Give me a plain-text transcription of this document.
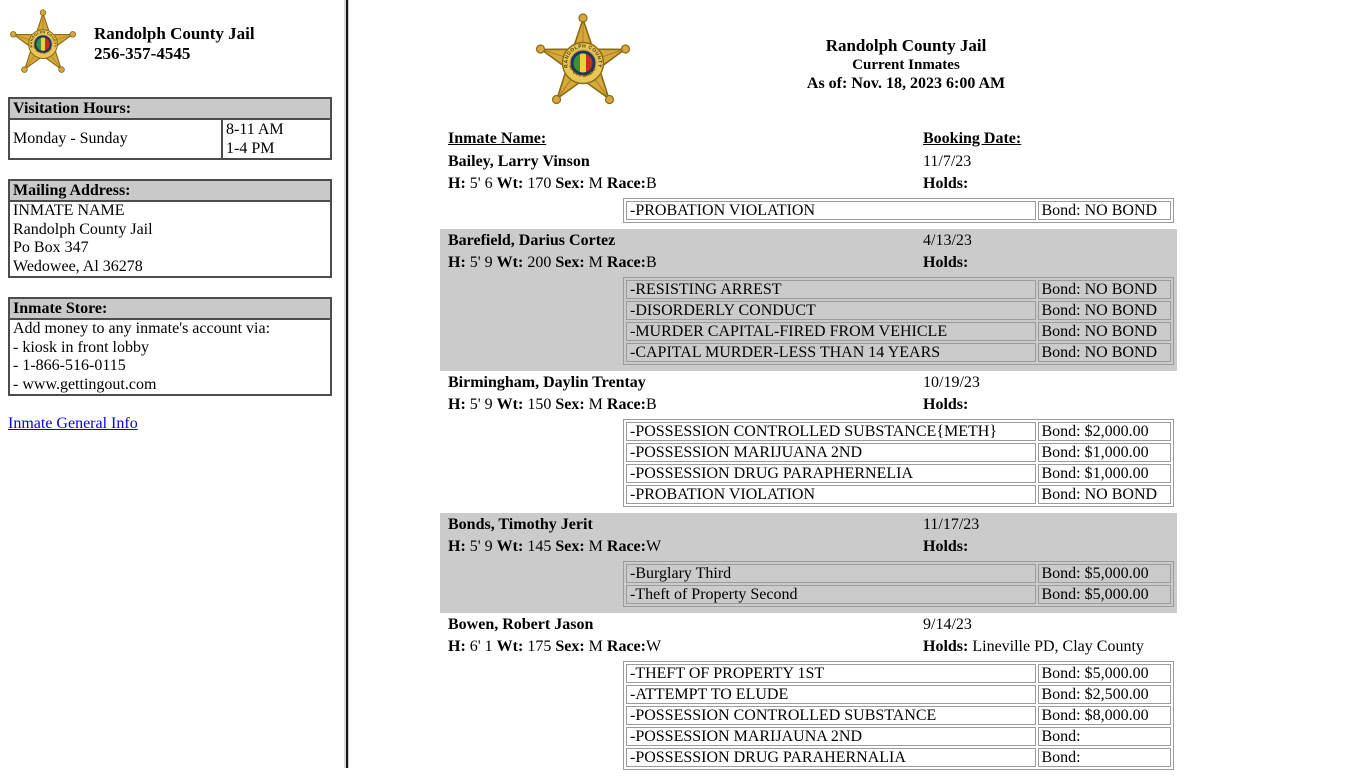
Randolph County Jail
256-357-4545
Visitation Hours:
Monday - Sunday	
8-11 AM
1-4 PM
Mailing Address:

INMATE NAME
Randolph County Jail
Po Box 347
Wedowee, Al 36278
Inmate Store:

Add money to any inmate's account via:
- kiosk in front lobby
- 1-866-516-0115
- www.gettingout.com
Inmate General Info
Randolph County Jail
Current Inmates
As of: Nov. 18, 2023 6:00 AM
Inmate Name:	Booking Date:
Bailey, Larry Vinson	11/7/23
H: 5' 6 Wt: 170 Sex: M Race:B	Holds:
-PROBATION VIOLATION	Bond: NO BOND
Barefield, Darius Cortez	4/13/23
H: 5' 9 Wt: 200 Sex: M Race:B	Holds:
-RESISTING ARREST	Bond: NO BOND
-DISORDERLY CONDUCT	Bond: NO BOND
-MURDER CAPITAL-FIRED FROM VEHICLE	Bond: NO BOND
-CAPITAL MURDER-LESS THAN 14 YEARS	Bond: NO BOND
Birmingham, Daylin Trentay	10/19/23
H: 5' 9 Wt: 150 Sex: M Race:B	Holds:
-POSSESSION CONTROLLED SUBSTANCE{METH}	Bond: $2,000.00
-POSSESSION MARIJUANA 2ND	Bond: $1,000.00
-POSSESSION DRUG PARAPHERNELIA	Bond: $1,000.00
-PROBATION VIOLATION	Bond: NO BOND
Bonds, Timothy Jerit	11/17/23
H: 5' 9 Wt: 145 Sex: M Race:W	Holds:
-Burglary Third	Bond: $5,000.00
-Theft of Property Second	Bond: $5,000.00
Bowen, Robert Jason	9/14/23
H: 6' 1 Wt: 175 Sex: M Race:W	Holds: Lineville PD, Clay County
-THEFT OF PROPERTY 1ST	Bond: $5,000.00
-ATTEMPT TO ELUDE	Bond: $2,500.00
-POSSESSION CONTROLLED SUBSTANCE	Bond: $8,000.00
-POSSESSION MARIJAUNA 2ND	Bond:
-POSSESSION DRUG PARAHERNALIA	Bond:
